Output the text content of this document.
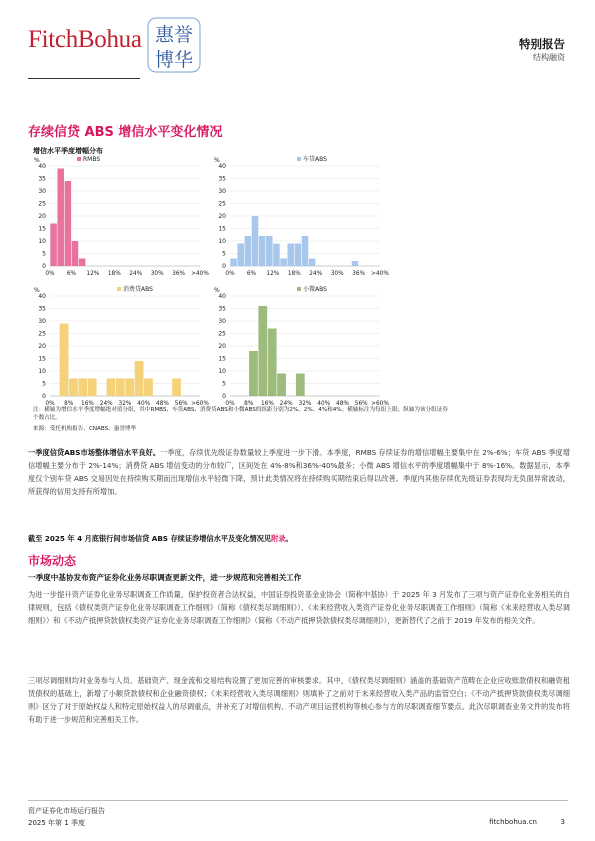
FitchBohua 惠誉
博华
特别报告
结构融资
存续信贷 ABS 增信水平变化情况
增信水平季度增幅分布
%
0
5
10
15
20
25
30
35
40
0% 6% 12% 18% 24% 30% 36% >40%
RMBS	%
0
5
10
15
20
25
30
35
40
0% 6% 12% 18% 24% 30% 36% >40%
车贷ABS
%
0
5
10
15
20
25
30
35
40
0% 8% 16% 24% 32% 40% 48% 56% >60%
消费贷ABS	%
0
5
10
15
20
25
30
35
40
0% 8% 16% 24% 32% 40% 48% 56% >60%
小微ABS
注：横轴为增信水平季度增幅绝对值分组，其中RMBS、车贷ABS、消费贷ABS和小微ABS的组距分别为2%、2%、4%和4%；横轴标注为每组上限；纵轴为该分组证券个数占比。
来源：受托机构报告、CNABS、惠誉博华
一季度信贷ABS市场整体增信水平良好。一季度，存续优先级证券数量较上季度进一步下滑。本季度，RMBS 存续证券的增信增幅主要集中在 2%-6%；车贷 ABS 季度增信增幅主要分布于 2%-14%；消费贷 ABS 增信变动的分布较广，区间处在 4%-8%和36%-40%最多；小微 ABS 增信水平的季度增幅集中于 8%-16%。数据显示，本季度仅个别车贷 ABS 交易因处在持续购买期而出现增信水平轻微下降，预计此类情况将在持续购买期结束后得以改善。季度内其他存续优先级证券表现均无负面异常波动，所获得的信用支持有所增加。
截至 2025 年 4 月底银行间市场信贷 ABS 存续证券增信水平及变化情况见附录。
市场动态
一季度中基协发布资产证券化业务尽职调查更新文件，进一步规范和完善相关工作
为进一步提升资产证券化业务尽职调查工作质量，保护投资者合法权益，中国证券投资基金业协会（简称中基协）于 2025 年 3 月发布了三项与资产证券化业务相关的自律规则，包括《债权类资产证券化业务尽职调查工作细则》（简称《债权类尽调细则》）、《未来经营收入类资产证券化业务尽职调查工作细则》（简称《未来经营收入类尽调细则》）和《不动产抵押贷款债权类资产证券化业务尽职调查工作细则》（简称《不动产抵押贷款债权类尽调细则》），更新替代了之前于 2019 年发布的相关文件。
三项尽调细则均对业务参与人员、基础资产、现金流和交易结构设置了更加完善的审核要求。其中，《债权类尽调细则》涵盖的基础资产范畴在企业应收账款债权和融资租赁债权的基础上，新增了小额贷款债权和企业融资债权；《未来经营收入类尽调细则》则填补了之前对于未来经营收入类产品的监管空白；《不动产抵押贷款债权类尽调细则》区分了对于原始权益人和特定原始权益人的尽调重点，并补充了对增信机构、不动产项目运营机构等核心参与方的尽职调查细节要点。此次尽职调查业务文件的发布将有助于进一步规范和完善相关工作。
资产证券化市场运行报告
2025 年第 1 季度	fitchbohua.cn	3
